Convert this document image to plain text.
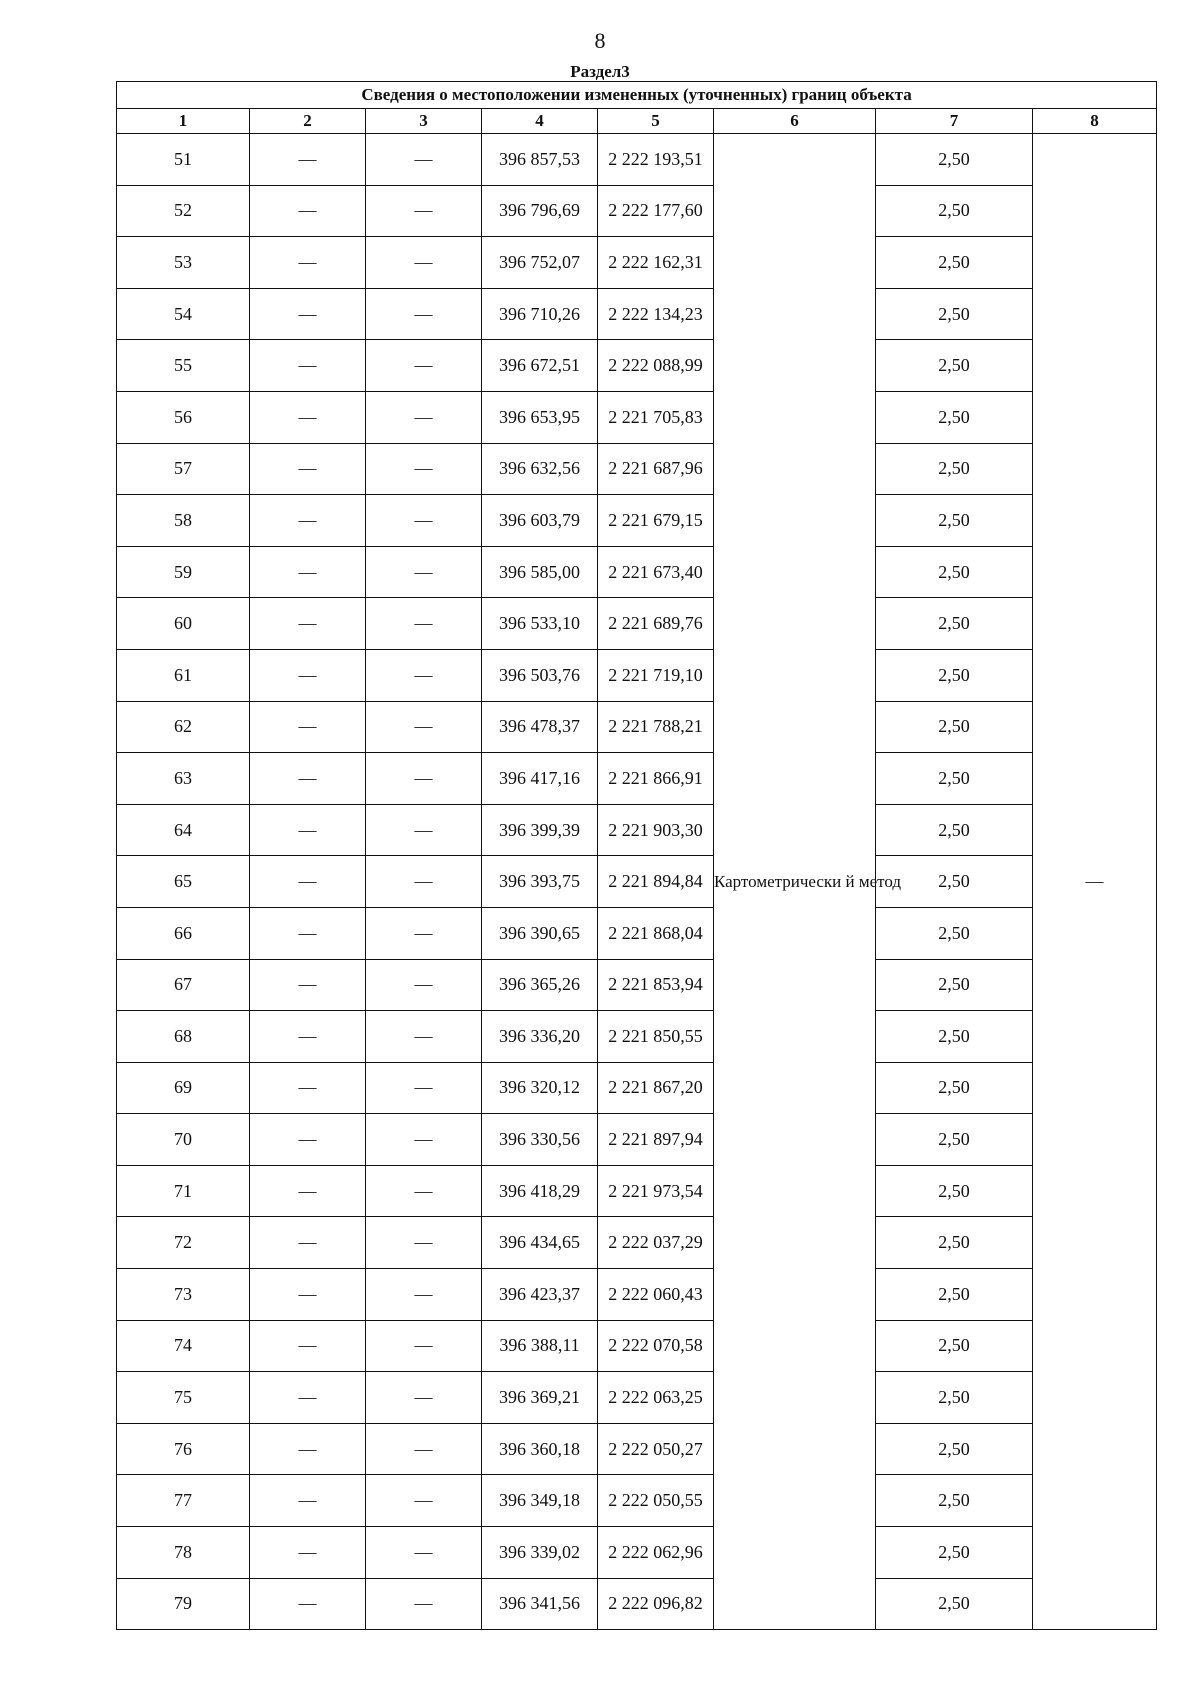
8
Раздел3
Сведения о местоположении измененных (уточненных) границ объекта							
1	2	3	4	5	6	7	8
51	—	—	396 857,53	2 222 193,51	Картометрически й метод	2,50	—
52	—	—	396 796,69	2 222 177,60		2,50	
53	—	—	396 752,07	2 222 162,31		2,50	
54	—	—	396 710,26	2 222 134,23		2,50	
55	—	—	396 672,51	2 222 088,99		2,50	
56	—	—	396 653,95	2 221 705,83		2,50	
57	—	—	396 632,56	2 221 687,96		2,50	
58	—	—	396 603,79	2 221 679,15		2,50	
59	—	—	396 585,00	2 221 673,40		2,50	
60	—	—	396 533,10	2 221 689,76		2,50	
61	—	—	396 503,76	2 221 719,10		2,50	
62	—	—	396 478,37	2 221 788,21		2,50	
63	—	—	396 417,16	2 221 866,91		2,50	
64	—	—	396 399,39	2 221 903,30		2,50	
65	—	—	396 393,75	2 221 894,84		2,50	
66	—	—	396 390,65	2 221 868,04		2,50	
67	—	—	396 365,26	2 221 853,94		2,50	
68	—	—	396 336,20	2 221 850,55		2,50	
69	—	—	396 320,12	2 221 867,20		2,50	
70	—	—	396 330,56	2 221 897,94		2,50	
71	—	—	396 418,29	2 221 973,54		2,50	
72	—	—	396 434,65	2 222 037,29		2,50	
73	—	—	396 423,37	2 222 060,43		2,50	
74	—	—	396 388,11	2 222 070,58		2,50	
75	—	—	396 369,21	2 222 063,25		2,50	
76	—	—	396 360,18	2 222 050,27		2,50	
77	—	—	396 349,18	2 222 050,55		2,50	
78	—	—	396 339,02	2 222 062,96		2,50	
79	—	—	396 341,56	2 222 096,82		2,50	
